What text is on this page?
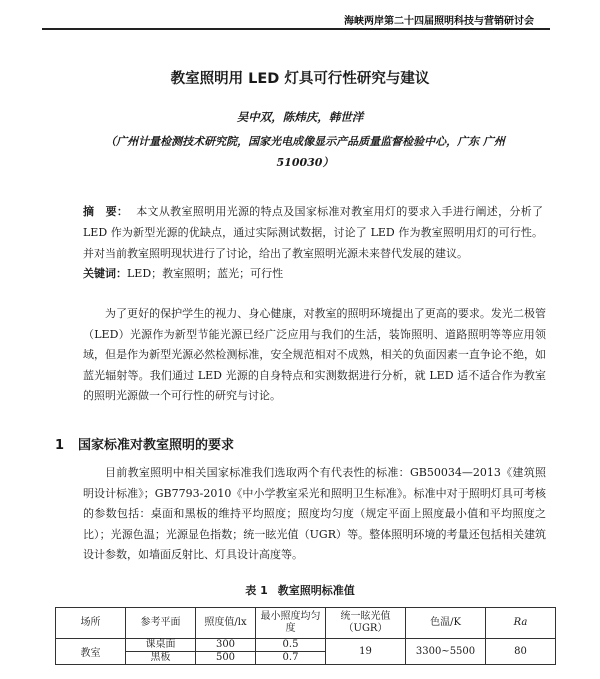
海峡两岸第二十四届照明科技与营销研讨会
教室照明用 LED 灯具可行性研究与建议
吴中双，陈炜庆，韩世洋
（广州计量检测技术研究院，国家光电成像显示产品质量监督检验中心，广东 广州 510030）

摘　要： 本文从教室照明用光源的特点及国家标准对教室用灯的要求入手进行阐述，分析了 LED 作为新型光源的优缺点，通过实际测试数据，讨论了 LED 作为教室照明用灯的可行性。并对当前教室照明现状进行了讨论，给出了教室照明光源未来替代发展的建议。

关键词：LED；教室照明；蓝光；可行性

为了更好的保护学生的视力、身心健康，对教室的照明环境提出了更高的要求。发光二极管（LED）光源作为新型节能光源已经广泛应用与我们的生活，装饰照明、道路照明等等应用领域，但是作为新型光源必然检测标准，安全规范相对不成熟，相关的负面因素一直争论不绝，如蓝光辐射等。我们通过 LED 光源的自身特点和实测数据进行分析，就 LED 适不适合作为教室的照明光源做一个可行性的研究与讨论。

1 国家标准对教室照明的要求

目前教室照明中相关国家标准我们选取两个有代表性的标准：GB50034—2013《建筑照明设计标准》；GB7793-2010《中小学教室采光和照明卫生标准》。标准中对于照明灯具可考核的参数包括：桌面和黑板的维持平均照度；照度均匀度（规定平面上照度最小值和平均照度之比）；光源色温；光源显色指数；统一眩光值（UGR）等。整体照明环境的考量还包括相关建筑设计参数，如墙面反射比、灯具设计高度等。

表 1 教室照明标准值
场所	参考平面	照度值/lx	最小照度均匀度	统一眩光值（UGR）	色温/K	Ra
教室	课桌面	300	0.5	19	3300~5500	80
	黑板	500	0.7			
